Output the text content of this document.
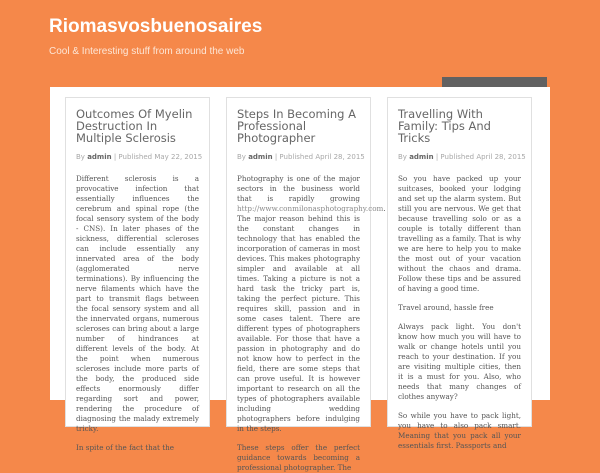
Riomasvosbuenosaires
Cool & Interesting stuff from around the web
Outcomes Of Myelin Destruction In Multiple Sclerosis
By admin | Published May 22, 2015

Different sclerosis is a provocative infection that essentially influences the cerebrum and spinal rope (the focal sensory system of the body - CNS). In later phases of the sickness, differential scleroses can include essentially any innervated area of the body (agglomerated nerve terminations). By influencing the nerve filaments which have the part to transmit flags between the focal sensory system and all the innervated organs, numerous scleroses can bring about a large number of hindrances at different levels of the body. At the point when numerous scleroses include more parts of the body, the produced side effects enormously differ regarding sort and power, rendering the procedure of diagnosing the malady extremely tricky.

In spite of the fact that the

Steps In Becoming A Professional Photographer
By admin | Published April 28, 2015

Photography is one of the major sectors in the business world that is rapidly growing http://www.conmilonasphotography.com. The major reason behind this is the constant changes in technology that has enabled the incorporation of cameras in most devices. This makes photography simpler and available at all times. Taking a picture is not a hard task the tricky part is, taking the perfect picture. This requires skill, passion and in some cases talent. There are different types of photographers available. For those that have a passion in photography and do not know how to perfect in the field, there are some steps that can prove useful. It is however important to research on all the types of photographers available including wedding photographers before indulging in the steps.

These steps offer the perfect guidance towards becoming a professional photographer. The

Travelling With Family: Tips And Tricks
By admin | Published April 28, 2015

So you have packed up your suitcases, booked your lodging and set up the alarm system. But still you are nervous. We get that because travelling solo or as a couple is totally different than travelling as a family. That is why we are here to help you to make the most out of your vacation without the chaos and drama. Follow these tips and be assured of having a good time.

Travel around, hassle free

Always pack light. You don't know how much you will have to walk or change hotels until you reach to your destination. If you are visiting multiple cities, then it is a must for you. Also, who needs that many changes of clothes anyway?

So while you have to pack light, you have to also pack smart. Meaning that you pack all your essentials first. Passports and
